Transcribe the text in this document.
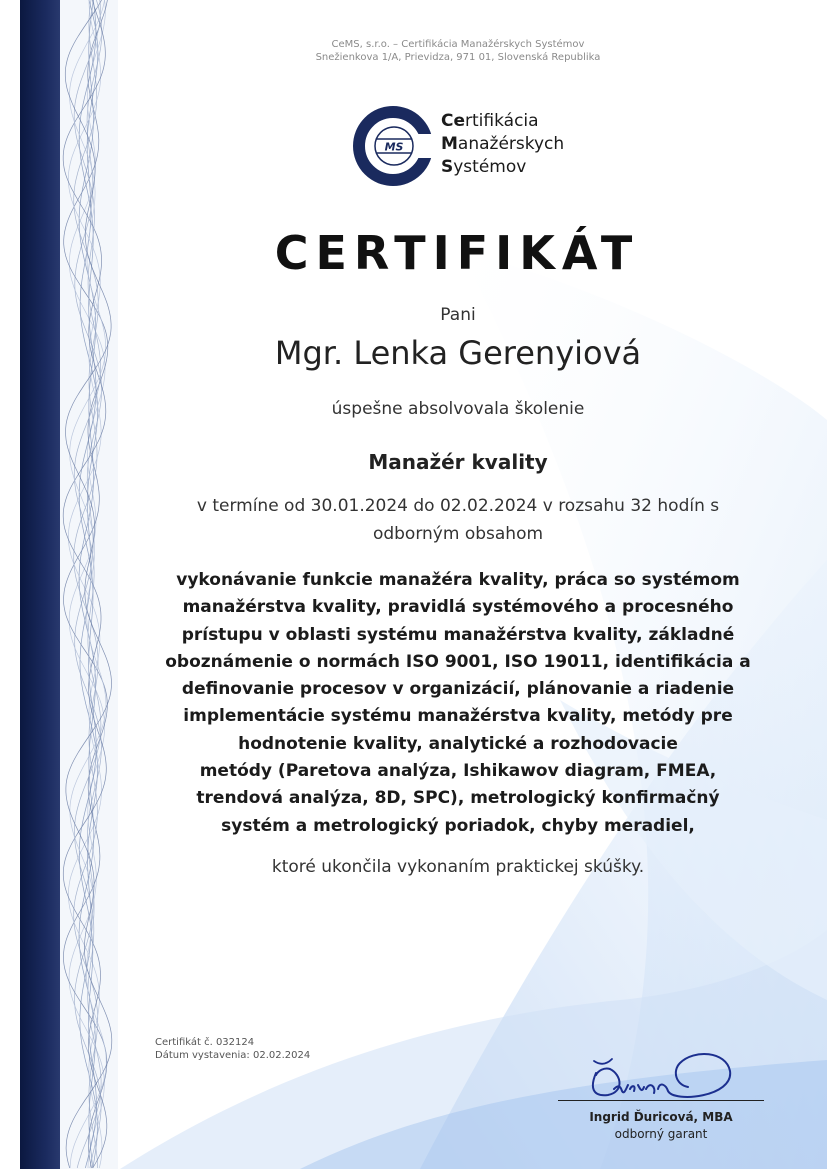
CeMS, s.r.o. – Certifikácia Manažérskych Systémov
Snežienkova 1/A, Prievidza, 971 01, Slovenská Republika
MS
Certifikácia
Manažérskych
Systémov
CERTIFIKÁT
Pani
Mgr. Lenka Gerenyiová
úspešne absolvovala školenie
Manažér kvality
v termíne od 30.01.2024 do 02.02.2024 v rozsahu 32 hodín s
odborným obsahom
vykonávanie funkcie manažéra kvality, práca so systémom
manažérstva kvality, pravidlá systémového a procesného
prístupu v oblasti systému manažérstva kvality, základné
oboznámenie o normách ISO 9001, ISO 19011, identifikácia a
definovanie procesov v organizácií, plánovanie a riadenie
implementácie systému manažérstva kvality, metódy pre
hodnotenie kvality, analytické a rozhodovacie
metódy (Paretova analýza, Ishikawov diagram, FMEA,
trendová analýza, 8D, SPC), metrologický konfirmačný
systém a metrologický poriadok, chyby meradiel,
ktoré ukončila vykonaním praktickej skúšky.
Certifikát č. 032124
Dátum vystavenia: 02.02.2024
Ingrid Ďuricová, MBA
odborný garant
